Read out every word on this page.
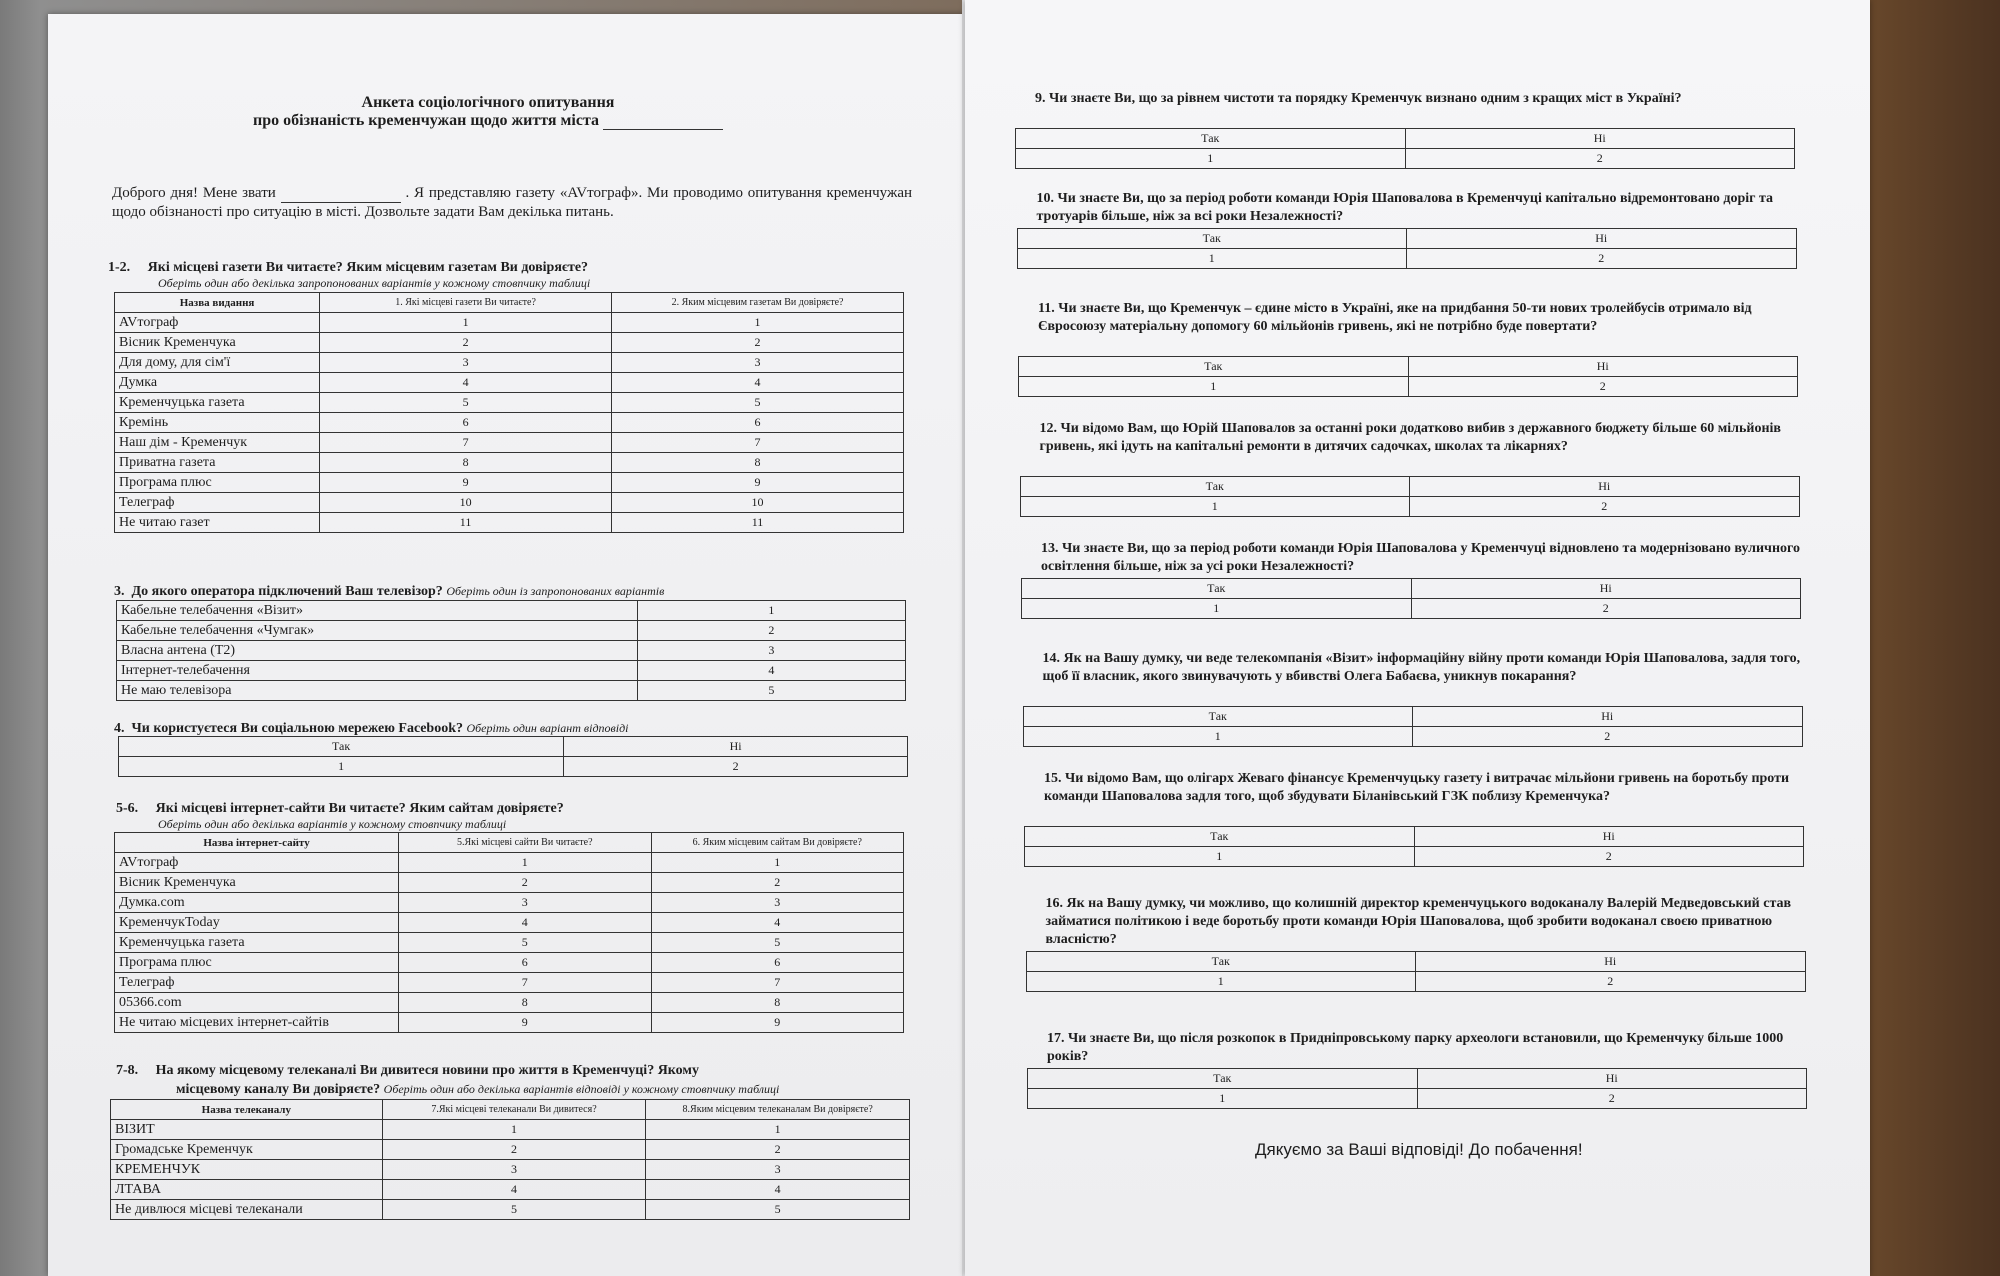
Анкета соціологічного опитування
про обізнаність кременчужан щодо життя міста
Доброго дня! Мене звати	. Я представляю газету «AVтограф». Ми проводимо опитування кременчужан щодо обізнаності про ситуацію в місті. Дозвольте задати Вам декілька питань.
1-2. Які місцеві газети Ви читаєте? Яким місцевим газетам Ви довіряєте?
Оберіть один або декілька запропонованих варіантів у кожному стовпчику таблиці
Назва видання	1. Які місцеві газети Ви читаєте?	2. Яким місцевим газетам Ви довіряєте?
AVтограф	1	1
Вісник Кременчука	2	2
Для дому, для сім'ї	3	3
Думка	4	4
Кременчуцька газета	5	5
Кремінь	6	6
Наш дім - Кременчук	7	7
Приватна газета	8	8
Програма плюс	9	9
Телеграф	10	10
Не читаю газет	11	11
3. До якого оператора підключений Ваш телевізор? Оберіть один із запропонованих варіантів
Кабельне телебачення «Візит»	1
Кабельне телебачення «Чумгак»	2
Власна антена (Т2)	3
Інтернет-телебачення	4
Не маю телевізора	5
4. Чи користуєтеся Ви соціальною мережею Facebook? Оберіть один варіант відповіді
Так	Ні
1	2
5-6. Які місцеві інтернет-сайти Ви читаєте? Яким сайтам довіряєте?
Оберіть один або декілька варіантів у кожному стовпчику таблиці
Назва інтернет-сайту	5.Які місцеві сайти Ви читаєте?	6. Яким місцевим сайтам Ви довіряєте?
AVтограф	1	1
Вісник Кременчука	2	2
Думка.com	3	3
КременчукToday	4	4
Кременчуцька газета	5	5
Програма плюс	6	6
Телеграф	7	7
05366.com	8	8
Не читаю місцевих інтернет-сайтів	9	9
7-8. На якому місцевому телеканалі Ви дивитеся новини про життя в Кременчуці? Якому
місцевому каналу Ви довіряєте? Оберіть один або декілька варіантів відповіді у кожному стовпчику таблиці
Назва телеканалу	7.Які місцеві телеканали Ви дивитеся?	8.Яким місцевим телеканалам Ви довіряєте?
ВІЗИТ	1	1
Громадське Кременчук	2	2
КРЕМЕНЧУК	3	3
ЛТАВА	4	4
Не дивлюся місцеві телеканали	5	5
9. Чи знаєте Ви, що за рівнем чистоти та порядку Кременчук визнано одним з кращих міст в Україні?
Так	Ні
1	2
10. Чи знаєте Ви, що за період роботи команди Юрія Шаповалова в Кременчуці капітально відремонтовано доріг та тротуарів більше, ніж за всі роки Незалежності?
Так	Ні
1	2
11. Чи знаєте Ви, що Кременчук – єдине місто в Україні, яке на придбання 50-ти нових тролейбусів отримало від Євросоюзу матеріальну допомогу 60 мільйонів гривень, які не потрібно буде повертати?
Так	Ні
1	2
12. Чи відомо Вам, що Юрій Шаповалов за останні роки додатково вибив з державного бюджету більше 60 мільйонів гривень, які ідуть на капітальні ремонти в дитячих садочках, школах та лікарнях?
Так	Ні
1	2
13. Чи знаєте Ви, що за період роботи команди Юрія Шаповалова у Кременчуці відновлено та модернізовано вуличного освітлення більше, ніж за усі роки Незалежності?
Так	Ні
1	2
14. Як на Вашу думку, чи веде телекомпанія «Візит» інформаційну війну проти команди Юрія Шаповалова, задля того, щоб її власник, якого звинувачують у вбивстві Олега Бабаєва, уникнув покарання?
Так	Ні
1	2
15. Чи відомо Вам, що олігарх Жеваго фінансує Кременчуцьку газету і витрачає мільйони гривень на боротьбу проти команди Шаповалова задля того, щоб збудувати Біланівський ГЗК поблизу Кременчука?
Так	Ні
1	2
16. Як на Вашу думку, чи можливо, що колишній директор кременчуцького водоканалу Валерій Медведовський став займатися політикою і веде боротьбу проти команди Юрія Шаповалова, щоб зробити водоканал своєю приватною власністю?
Так	Ні
1	2
17. Чи знаєте Ви, що після розкопок в Придніпровському парку археологи встановили, що Кременчуку більше 1000 років?
Так	Ні
1	2
Дякуємо за Ваші відповіді! До побачення!
